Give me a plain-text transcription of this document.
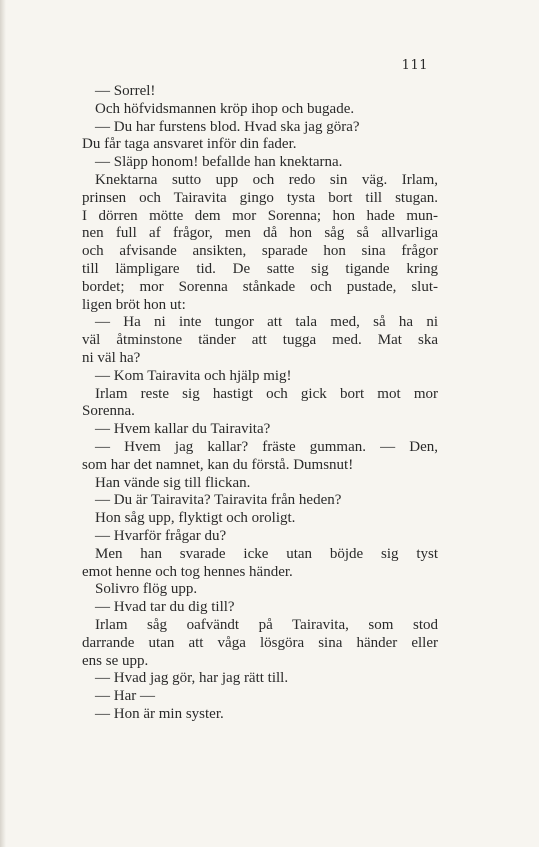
111
— Sorrel!
Och höfvidsmannen kröp ihop och bugade.
— Du har furstens blod. Hvad ska jag göra?
Du får taga ansvaret inför din fader.
— Släpp honom! befallde han knektarna.
Knektarna sutto upp och redo sin väg. Irlam,
prinsen och Tairavita gingo tysta bort till stugan.
I dörren mötte dem mor Sorenna; hon hade mun-
nen full af frågor, men då hon såg så allvarliga
och afvisande ansikten, sparade hon sina frågor
till lämpligare tid. De satte sig tigande kring
bordet; mor Sorenna stånkade och pustade, slut-
ligen bröt hon ut:
— Ha ni inte tungor att tala med, så ha ni
väl åtminstone tänder att tugga med. Mat ska
ni väl ha?
— Kom Tairavita och hjälp mig!
Irlam reste sig hastigt och gick bort mot mor
Sorenna.
— Hvem kallar du Tairavita?
— Hvem jag kallar? fräste gumman. — Den,
som har det namnet, kan du förstå. Dumsnut!
Han vände sig till flickan.
— Du är Tairavita? Tairavita från heden?
Hon såg upp, flyktigt och oroligt.
— Hvarför frågar du?
Men han svarade icke utan böjde sig tyst
emot henne och tog hennes händer.
Solivro flög upp.
— Hvad tar du dig till?
Irlam såg oafvändt på Tairavita, som stod
darrande utan att våga lösgöra sina händer eller
ens se upp.
— Hvad jag gör, har jag rätt till.
— Har —
— Hon är min syster.
